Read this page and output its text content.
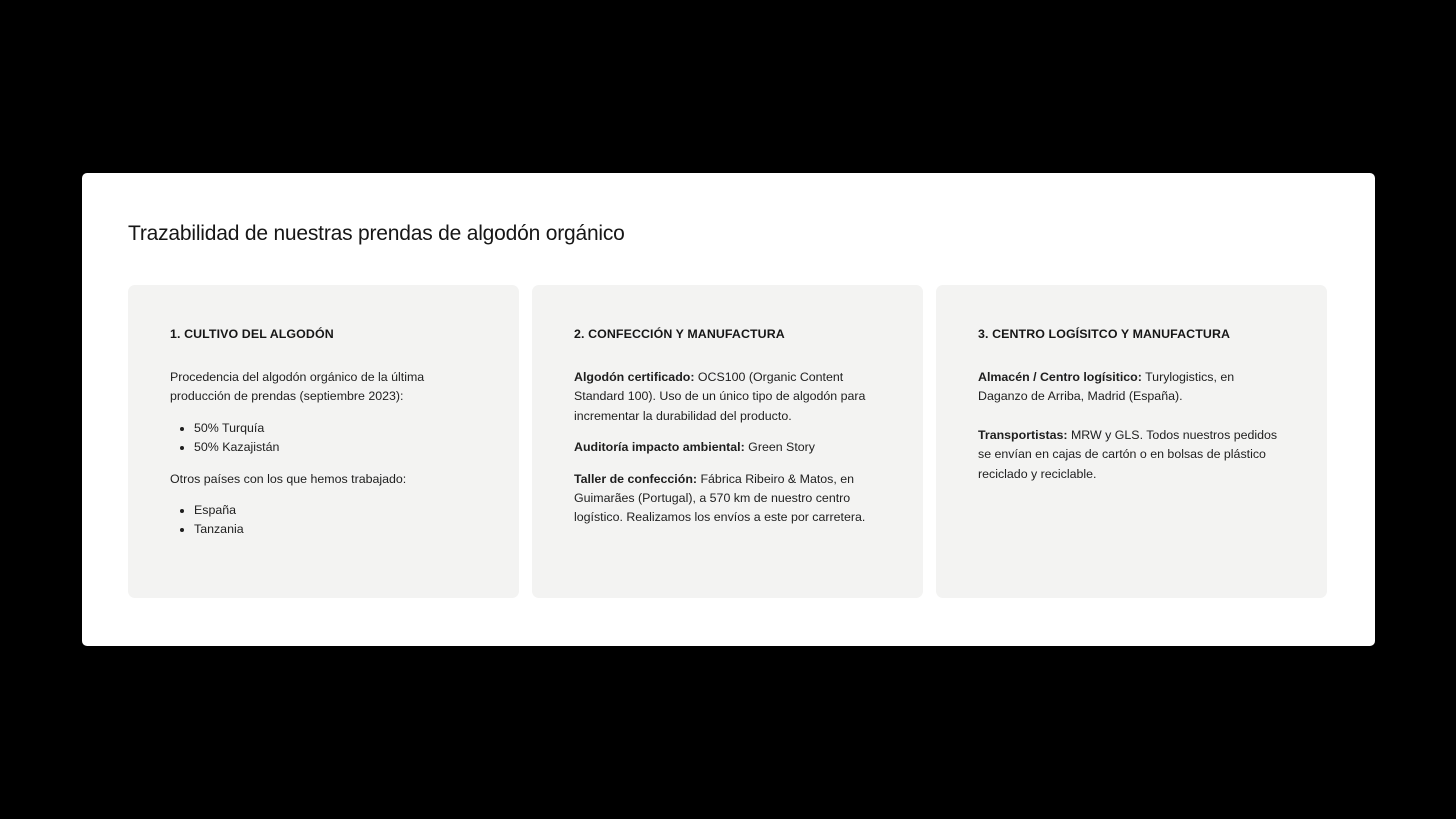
Trazabilidad de nuestras prendas de algodón orgánico
1. CULTIVO DEL ALGODÓN

Procedencia del algodón orgánico de la última producción de prendas (septiembre 2023):

• 50% Turquía
• 50% Kazajistán

Otros países con los que hemos trabajado:

• España
• Tanzania
2. CONFECCIÓN Y MANUFACTURA

Algodón certificado: OCS100 (Organic Content Standard 100). Uso de un único tipo de algodón para incrementar la durabilidad del producto.

Auditoría impacto ambiental: Green Story

Taller de confección: Fábrica Ribeiro & Matos, en Guimarães (Portugal), a 570 km de nuestro centro logístico. Realizamos los envíos a este por carretera.

3. CENTRO LOGÍSITCO Y MANUFACTURA

Almacén / Centro logísitico: Turylogistics, en Daganzo de Arriba, Madrid (España).

Transportistas: MRW y GLS. Todos nuestros pedidos se envían en cajas de cartón o en bolsas de plástico reciclado y reciclable.
